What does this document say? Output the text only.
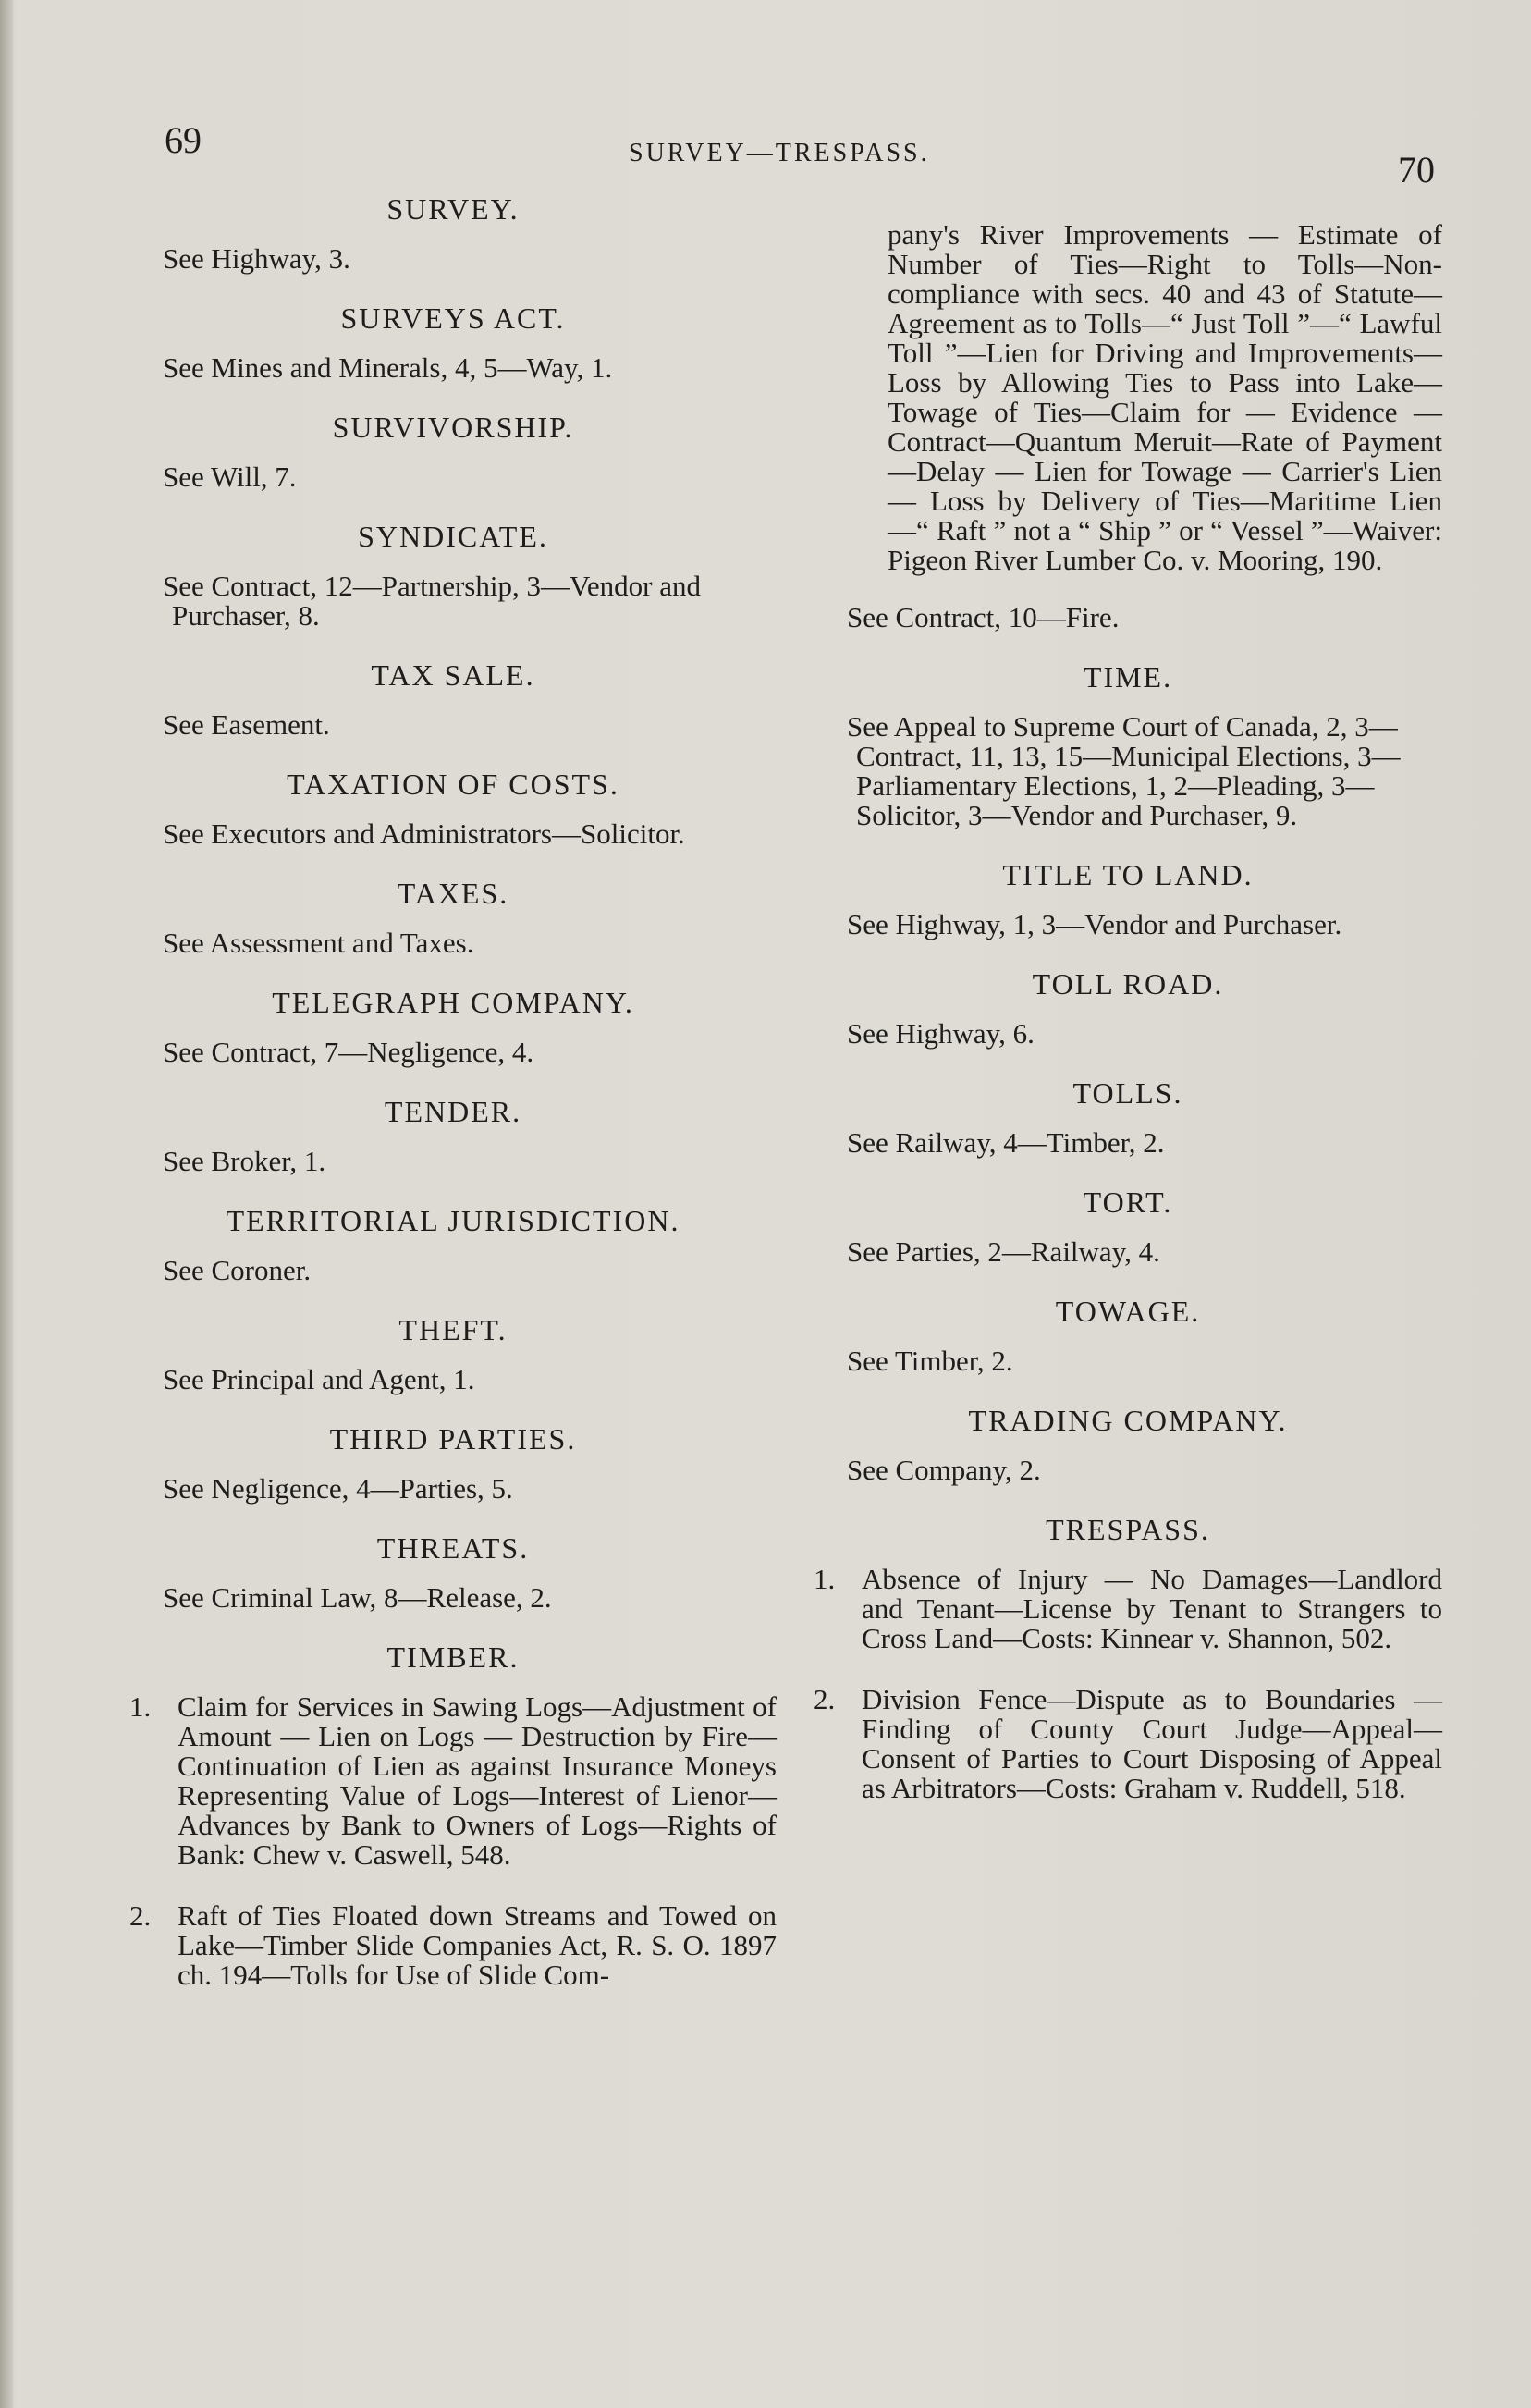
69	SURVEY—TRESPASS.	70
SURVEY.
See Highway, 3.
SURVEYS ACT.
See Mines and Minerals, 4, 5—Way, 1.
SURVIVORSHIP.
See Will, 7.
SYNDICATE.
See Contract, 12—Partnership, 3—Vendor and Purchaser, 8.
TAX SALE.
See Easement.
TAXATION OF COSTS.
See Executors and Administrators—Solicitor.
TAXES.
See Assessment and Taxes.
TELEGRAPH COMPANY.
See Contract, 7—Negligence, 4.
TENDER.
See Broker, 1.
TERRITORIAL JURISDICTION.
See Coroner.
THEFT.
See Principal and Agent, 1.
THIRD PARTIES.
See Negligence, 4—Parties, 5.
THREATS.
See Criminal Law, 8—Release, 2.
TIMBER.
1. Claim for Services in Sawing Logs—Adjustment of Amount — Lien on Logs — Destruction by Fire—Continuation of Lien as against Insurance Moneys Representing Value of Logs—Interest of Lienor—Advances by Bank to Owners of Logs—Rights of Bank: Chew v. Caswell, 548.
2. Raft of Ties Floated down Streams and Towed on Lake—Timber Slide Companies Act, R. S. O. 1897 ch. 194—Tolls for Use of Slide Com-
pany's River Improvements — Estimate of Number of Ties—Right to Tolls—Non-compliance with secs. 40 and 43 of Statute—Agreement as to Tolls—“ Just Toll ”—“ Lawful Toll ”—Lien for Driving and Improvements—Loss by Allowing Ties to Pass into Lake—Towage of Ties—Claim for — Evidence — Contract—Quantum Meruit—Rate of Payment—Delay — Lien for Towage — Carrier's Lien — Loss by Delivery of Ties—Maritime Lien—“ Raft ” not a “ Ship ” or “ Vessel ”—Waiver: Pigeon River Lumber Co. v. Mooring, 190.
See Contract, 10—Fire.
TIME.
See Appeal to Supreme Court of Canada, 2, 3—Contract, 11, 13, 15—Municipal Elections, 3—Parliamentary Elections, 1, 2—Pleading, 3—Solicitor, 3—Vendor and Purchaser, 9.
TITLE TO LAND.
See Highway, 1, 3—Vendor and Purchaser.
TOLL ROAD.
See Highway, 6.
TOLLS.
See Railway, 4—Timber, 2.
TORT.
See Parties, 2—Railway, 4.
TOWAGE.
See Timber, 2.
TRADING COMPANY.
See Company, 2.
TRESPASS.
1. Absence of Injury — No Damages—Landlord and Tenant—License by Tenant to Strangers to Cross Land—Costs: Kinnear v. Shannon, 502.
2. Division Fence—Dispute as to Boundaries — Finding of County Court Judge—Appeal—Consent of Parties to Court Disposing of Appeal as Arbitrators—Costs: Graham v. Ruddell, 518.
